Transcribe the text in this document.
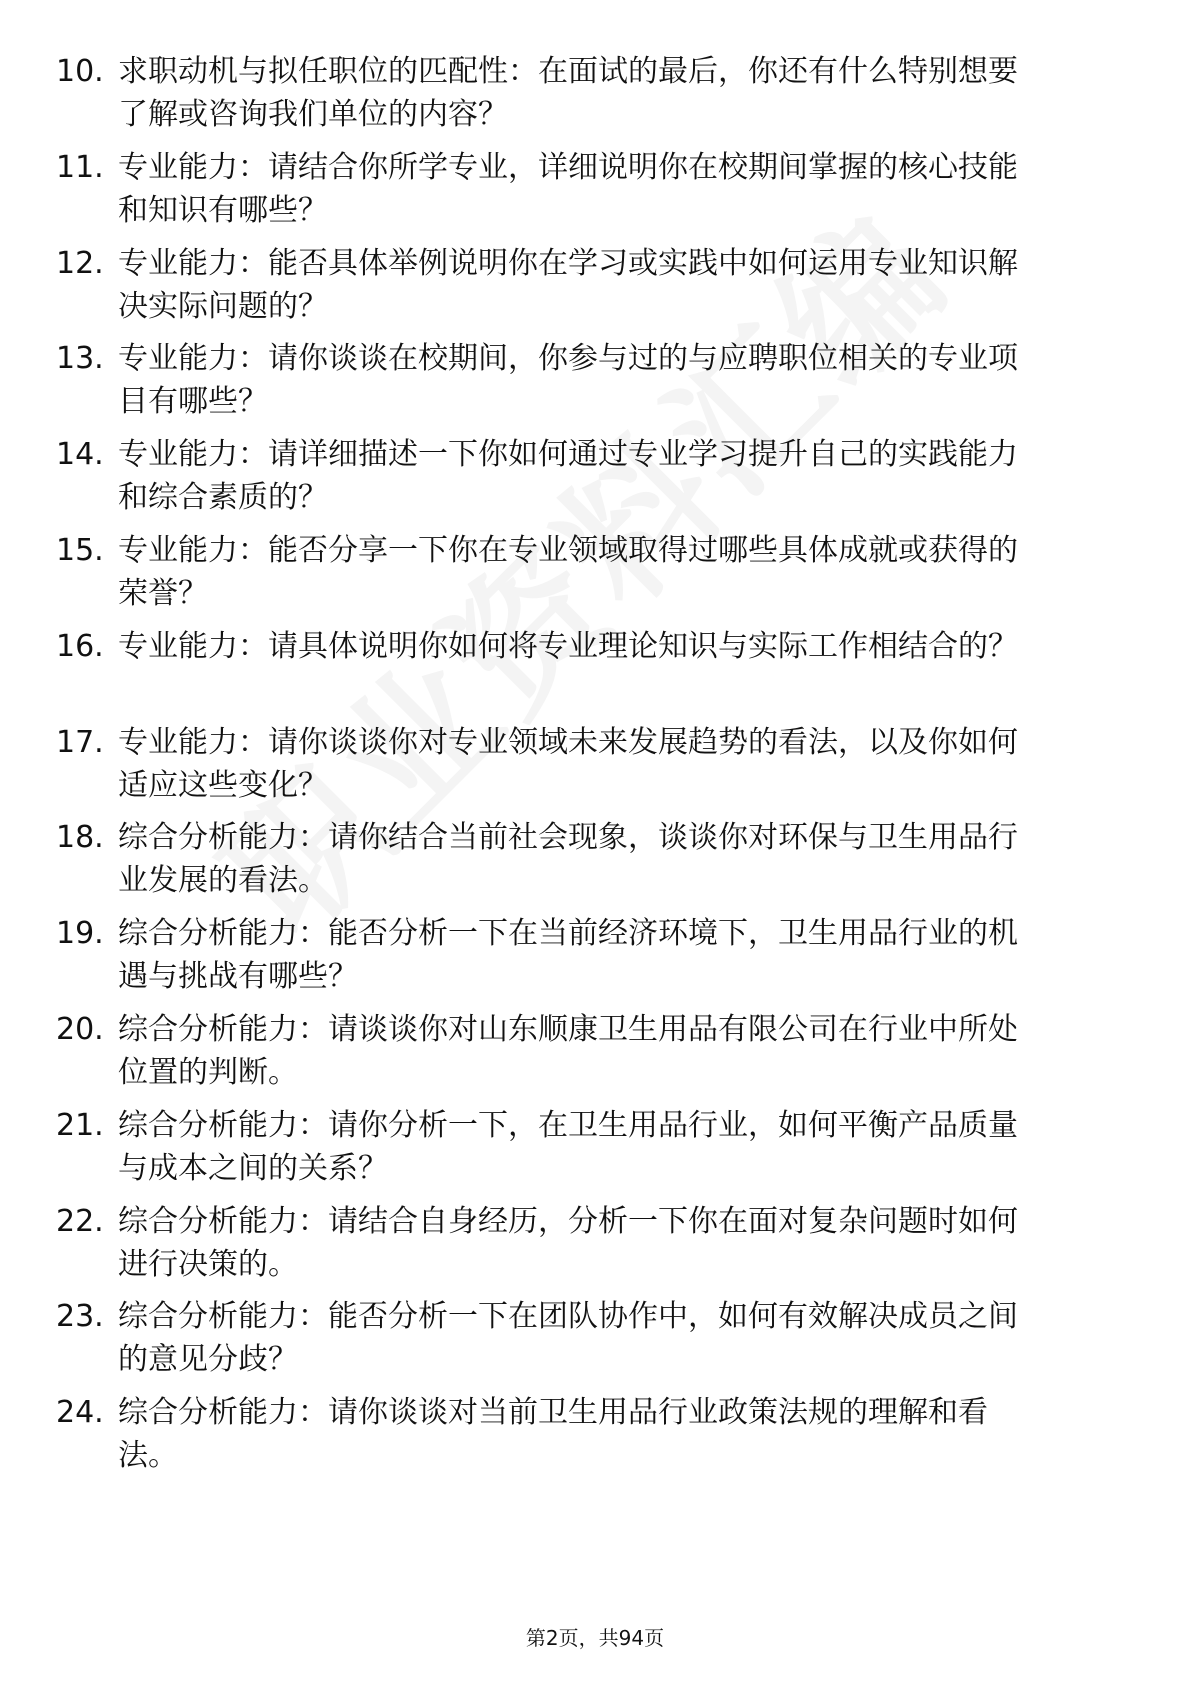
10. 求职动机与拟任职位的匹配性：在面试的最后，你还有什么特别想要了解或咨询我们单位的内容？
11. 专业能力：请结合你所学专业，详细说明你在校期间掌握的核心技能和知识有哪些？
12. 专业能力：能否具体举例说明你在学习或实践中如何运用专业知识解决实际问题的？
13. 专业能力：请你谈谈在校期间，你参与过的与应聘职位相关的专业项目有哪些？
14. 专业能力：请详细描述一下你如何通过专业学习提升自己的实践能力和综合素质的？
15. 专业能力：能否分享一下你在专业领域取得过哪些具体成就或获得的荣誉？
16. 专业能力：请具体说明你如何将专业理论知识与实际工作相结合的？
17. 专业能力：请你谈谈你对专业领域未来发展趋势的看法，以及你如何适应这些变化？
18. 综合分析能力：请你结合当前社会现象，谈谈你对环保与卫生用品行业发展的看法。
19. 综合分析能力：能否分析一下在当前经济环境下，卫生用品行业的机遇与挑战有哪些？
20. 综合分析能力：请谈谈你对山东顺康卫生用品有限公司在行业中所处位置的判断。
21. 综合分析能力：请你分析一下，在卫生用品行业，如何平衡产品质量与成本之间的关系？
22. 综合分析能力：请结合自身经历，分析一下你在面对复杂问题时如何进行决策的。
23. 综合分析能力：能否分析一下在团队协作中，如何有效解决成员之间的意见分歧？
24. 综合分析能力：请你谈谈对当前卫生用品行业政策法规的理解和看法。
第2页，共94页
